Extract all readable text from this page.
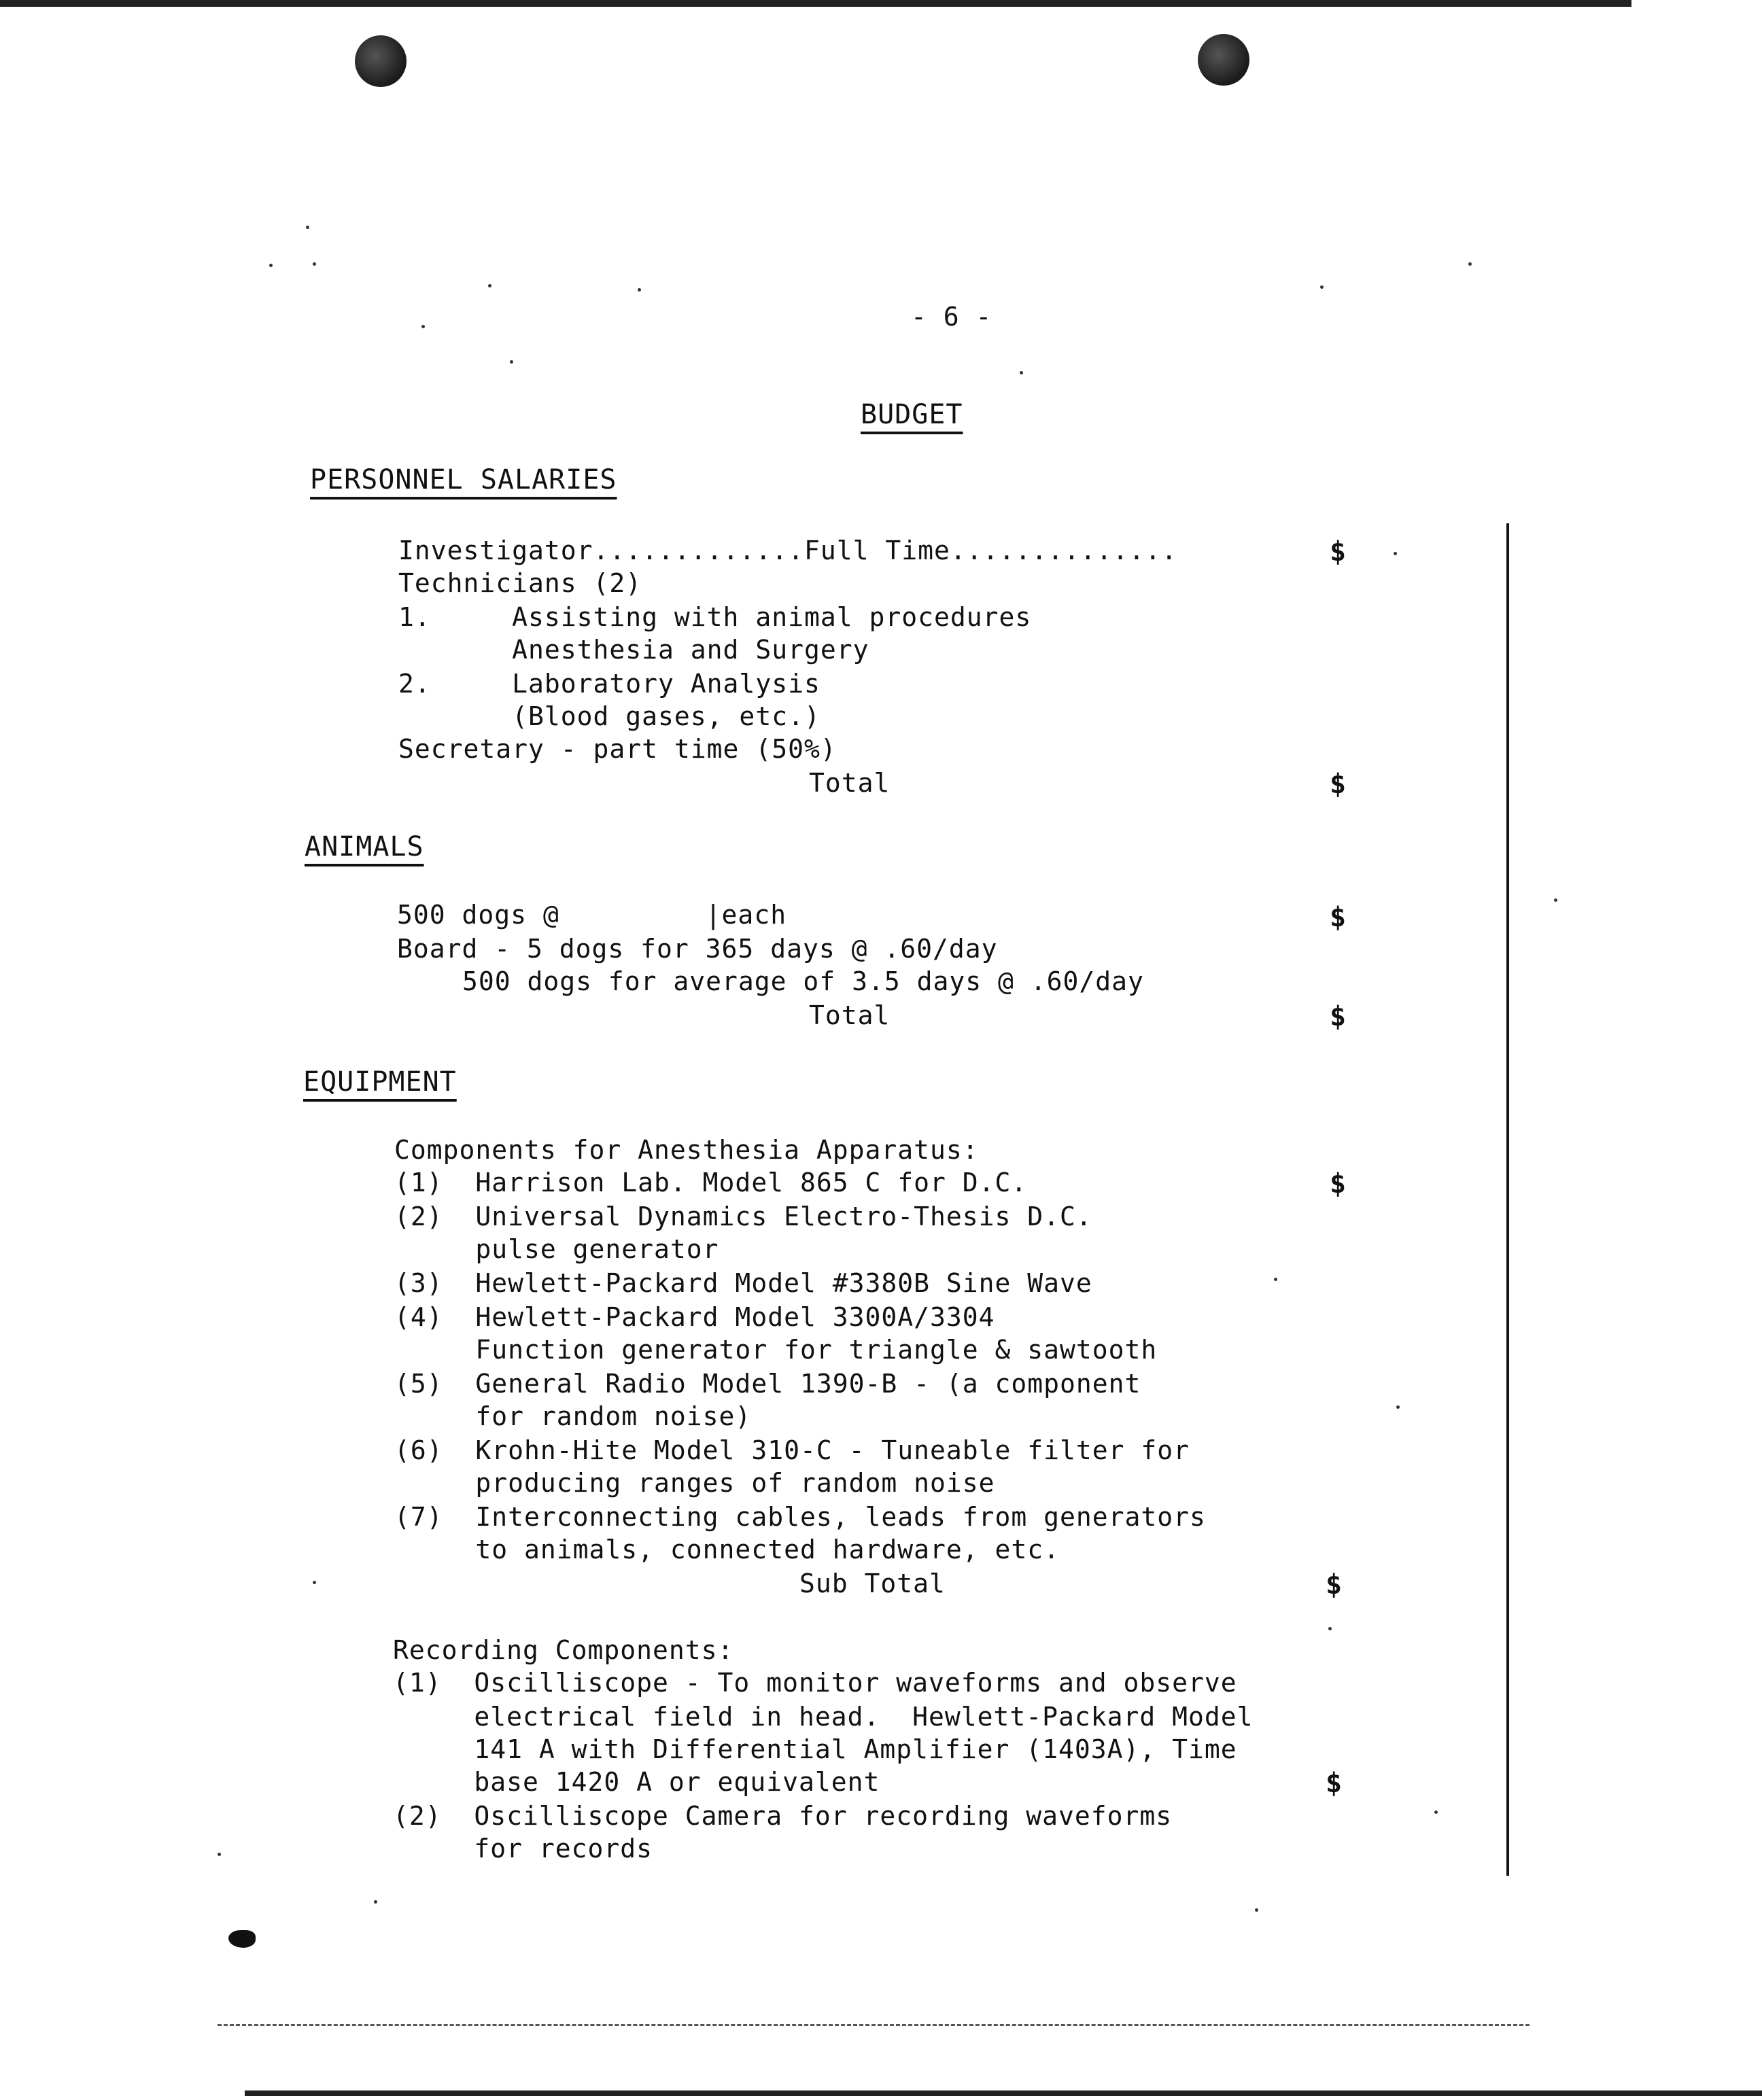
- 6 -
BUDGET
PERSONNEL SALARIES
Investigator.............Full Time..............
Technicians (2)
1.     Assisting with animal procedures
Anesthesia and Surgery
2.     Laboratory Analysis
(Blood gases, etc.)
Secretary - part time (50%)
Total
$
$
ANIMALS
500 dogs @         |each
Board - 5 dogs for 365 days @ .60/day
500 dogs for average of 3.5 days @ .60/day
Total
$
$
EQUIPMENT
Components for Anesthesia Apparatus:
(1)  Harrison Lab. Model 865 C for D.C.
(2)  Universal Dynamics Electro-Thesis D.C.
pulse generator
(3)  Hewlett-Packard Model #3380B Sine Wave
(4)  Hewlett-Packard Model 3300A/3304
Function generator for triangle & sawtooth
(5)  General Radio Model 1390-B - (a component
for random noise)
(6)  Krohn-Hite Model 310-C - Tuneable filter for
producing ranges of random noise
(7)  Interconnecting cables, leads from generators
to animals, connected hardware, etc.
Sub Total
$
$
Recording Components:
(1)  Oscilliscope - To monitor waveforms and observe
electrical field in head.  Hewlett-Packard Model
141 A with Differential Amplifier (1403A), Time
base 1420 A or equivalent
(2)  Oscilliscope Camera for recording waveforms
for records
$
